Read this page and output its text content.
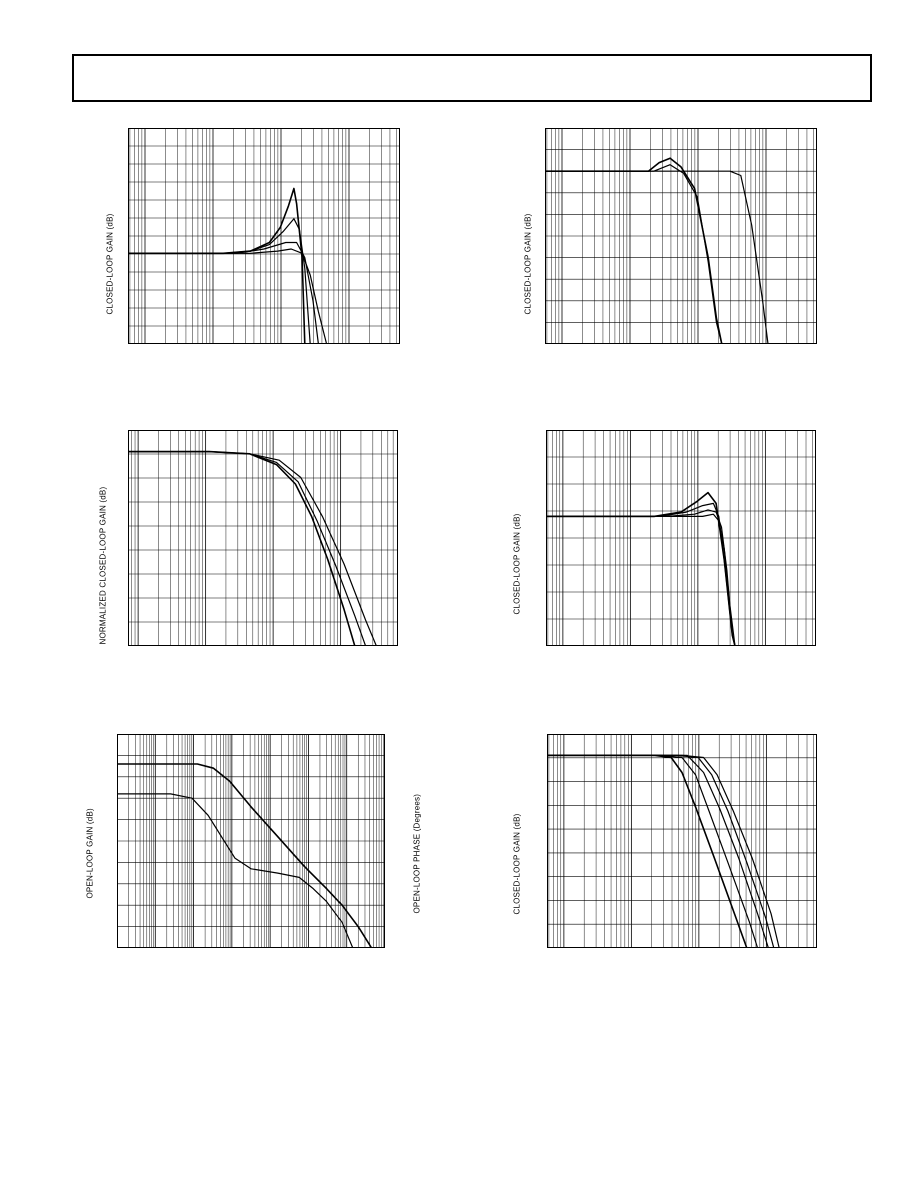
CLOSED-LOOP GAIN (dB)	CLOSED-LOOP GAIN (dB)
NORMALIZED CLOSED-LOOP GAIN (dB)	CLOSED-LOOP GAIN (dB)
OPEN-LOOP GAIN (dB)	OPEN-LOOP PHASE (Degrees)	CLOSED-LOOP GAIN (dB)
